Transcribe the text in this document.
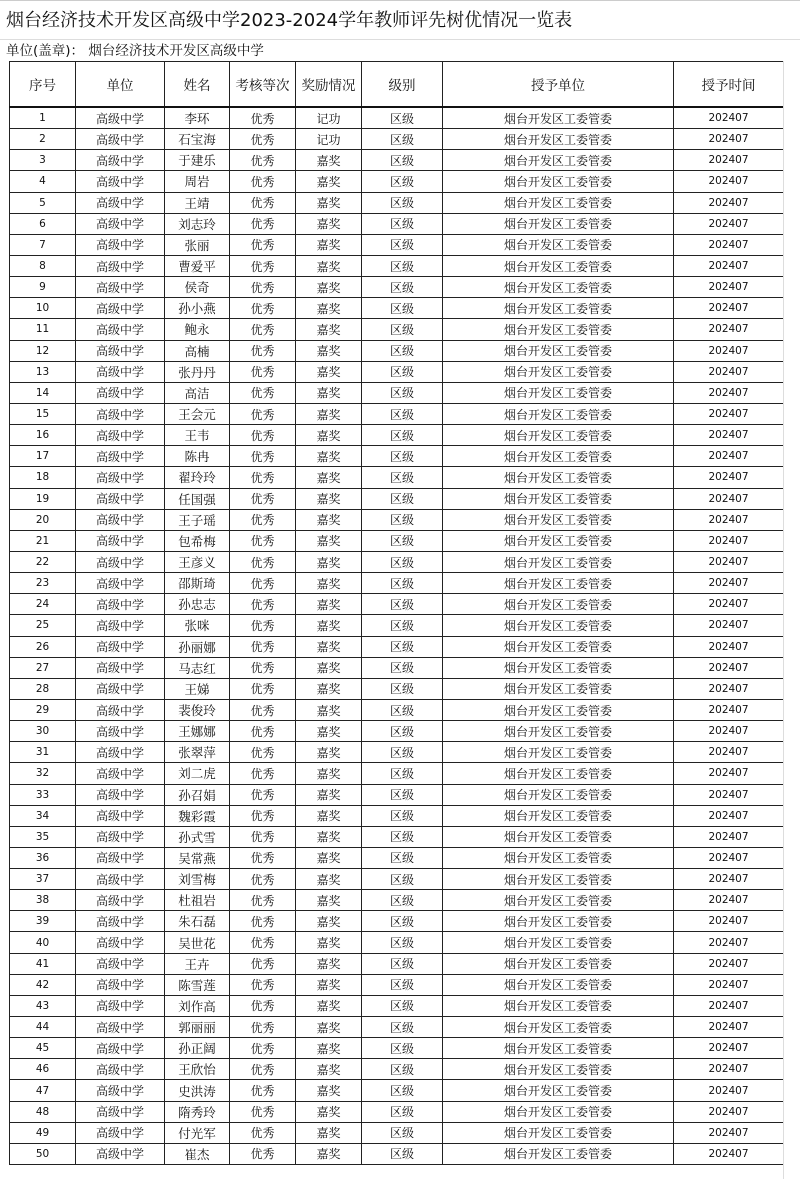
烟台经济技术开发区高级中学2023-2024学年教师评先树优情况一览表
单位(盖章)： 烟台经济技术开发区高级中学
序号	单位	姓名	考核等次	奖励情况	级别	授予单位	授予时间
1	高级中学	李环	优秀	记功	区级	烟台开发区工委管委	202407
2	高级中学	石宝海	优秀	记功	区级	烟台开发区工委管委	202407
3	高级中学	于建乐	优秀	嘉奖	区级	烟台开发区工委管委	202407
4	高级中学	周岩	优秀	嘉奖	区级	烟台开发区工委管委	202407
5	高级中学	王靖	优秀	嘉奖	区级	烟台开发区工委管委	202407
6	高级中学	刘志玲	优秀	嘉奖	区级	烟台开发区工委管委	202407
7	高级中学	张丽	优秀	嘉奖	区级	烟台开发区工委管委	202407
8	高级中学	曹爱平	优秀	嘉奖	区级	烟台开发区工委管委	202407
9	高级中学	侯奇	优秀	嘉奖	区级	烟台开发区工委管委	202407
10	高级中学	孙小燕	优秀	嘉奖	区级	烟台开发区工委管委	202407
11	高级中学	鲍永	优秀	嘉奖	区级	烟台开发区工委管委	202407
12	高级中学	高楠	优秀	嘉奖	区级	烟台开发区工委管委	202407
13	高级中学	张丹丹	优秀	嘉奖	区级	烟台开发区工委管委	202407
14	高级中学	高洁	优秀	嘉奖	区级	烟台开发区工委管委	202407
15	高级中学	王会元	优秀	嘉奖	区级	烟台开发区工委管委	202407
16	高级中学	王韦	优秀	嘉奖	区级	烟台开发区工委管委	202407
17	高级中学	陈冉	优秀	嘉奖	区级	烟台开发区工委管委	202407
18	高级中学	翟玲玲	优秀	嘉奖	区级	烟台开发区工委管委	202407
19	高级中学	任国强	优秀	嘉奖	区级	烟台开发区工委管委	202407
20	高级中学	王子瑶	优秀	嘉奖	区级	烟台开发区工委管委	202407
21	高级中学	包希梅	优秀	嘉奖	区级	烟台开发区工委管委	202407
22	高级中学	王彦义	优秀	嘉奖	区级	烟台开发区工委管委	202407
23	高级中学	邵斯琦	优秀	嘉奖	区级	烟台开发区工委管委	202407
24	高级中学	孙忠志	优秀	嘉奖	区级	烟台开发区工委管委	202407
25	高级中学	张咪	优秀	嘉奖	区级	烟台开发区工委管委	202407
26	高级中学	孙丽娜	优秀	嘉奖	区级	烟台开发区工委管委	202407
27	高级中学	马志红	优秀	嘉奖	区级	烟台开发区工委管委	202407
28	高级中学	王娣	优秀	嘉奖	区级	烟台开发区工委管委	202407
29	高级中学	裴俊玲	优秀	嘉奖	区级	烟台开发区工委管委	202407
30	高级中学	王娜娜	优秀	嘉奖	区级	烟台开发区工委管委	202407
31	高级中学	张翠萍	优秀	嘉奖	区级	烟台开发区工委管委	202407
32	高级中学	刘二虎	优秀	嘉奖	区级	烟台开发区工委管委	202407
33	高级中学	孙召娟	优秀	嘉奖	区级	烟台开发区工委管委	202407
34	高级中学	魏彩霞	优秀	嘉奖	区级	烟台开发区工委管委	202407
35	高级中学	孙式雪	优秀	嘉奖	区级	烟台开发区工委管委	202407
36	高级中学	吴常燕	优秀	嘉奖	区级	烟台开发区工委管委	202407
37	高级中学	刘雪梅	优秀	嘉奖	区级	烟台开发区工委管委	202407
38	高级中学	杜祖岩	优秀	嘉奖	区级	烟台开发区工委管委	202407
39	高级中学	朱石磊	优秀	嘉奖	区级	烟台开发区工委管委	202407
40	高级中学	吴世花	优秀	嘉奖	区级	烟台开发区工委管委	202407
41	高级中学	王卉	优秀	嘉奖	区级	烟台开发区工委管委	202407
42	高级中学	陈雪莲	优秀	嘉奖	区级	烟台开发区工委管委	202407
43	高级中学	刘作高	优秀	嘉奖	区级	烟台开发区工委管委	202407
44	高级中学	郭丽丽	优秀	嘉奖	区级	烟台开发区工委管委	202407
45	高级中学	孙正阔	优秀	嘉奖	区级	烟台开发区工委管委	202407
46	高级中学	王欣怡	优秀	嘉奖	区级	烟台开发区工委管委	202407
47	高级中学	史洪涛	优秀	嘉奖	区级	烟台开发区工委管委	202407
48	高级中学	隋秀玲	优秀	嘉奖	区级	烟台开发区工委管委	202407
49	高级中学	付光军	优秀	嘉奖	区级	烟台开发区工委管委	202407
50	高级中学	崔杰	优秀	嘉奖	区级	烟台开发区工委管委	202407
